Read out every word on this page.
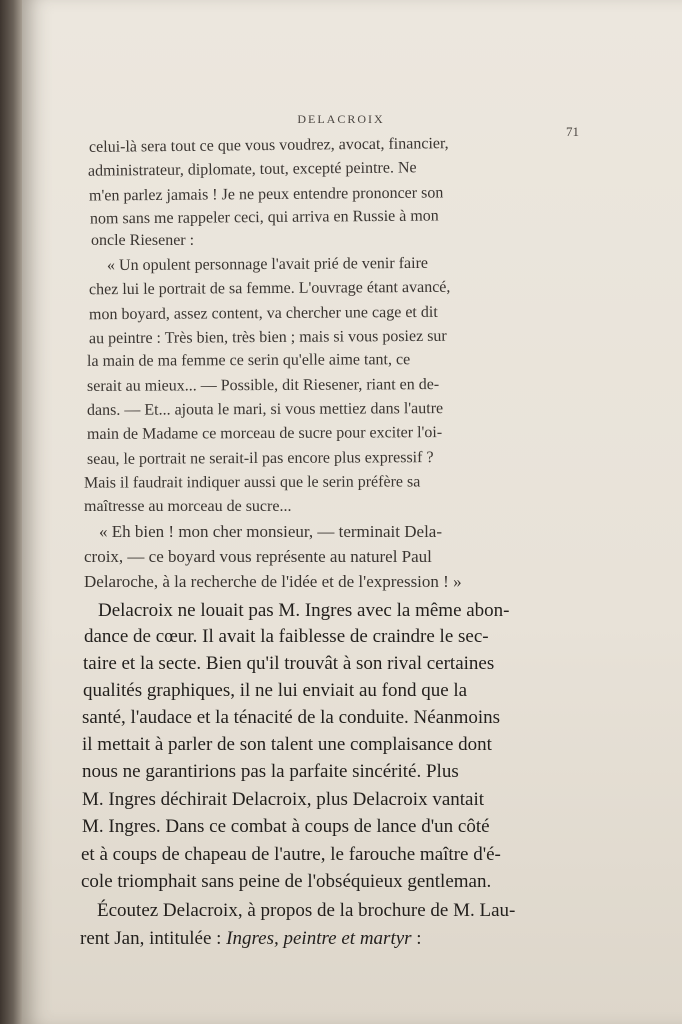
DELACROIX
71
celui-là sera tout ce que vous voudrez, avocat, financier,
administrateur, diplomate, tout, excepté peintre. Ne
m'en parlez jamais ! Je ne peux entendre prononcer son
nom sans me rappeler ceci, qui arriva en Russie à mon
oncle Riesener :
« Un opulent personnage l'avait prié de venir faire
chez lui le portrait de sa femme. L'ouvrage étant avancé,
mon boyard, assez content, va chercher une cage et dit
au peintre : Très bien, très bien ; mais si vous posiez sur
la main de ma femme ce serin qu'elle aime tant, ce
serait au mieux... — Possible, dit Riesener, riant en de-
dans. — Et... ajouta le mari, si vous mettiez dans l'autre
main de Madame ce morceau de sucre pour exciter l'oi-
seau, le portrait ne serait-il pas encore plus expressif ?
Mais il faudrait indiquer aussi que le serin préfère sa
maîtresse au morceau de sucre...
« Eh bien ! mon cher monsieur, — terminait Dela-
croix, — ce boyard vous représente au naturel Paul
Delaroche, à la recherche de l'idée et de l'expression ! »
Delacroix ne louait pas M. Ingres avec la même abon-
dance de cœur. Il avait la faiblesse de craindre le sec-
taire et la secte. Bien qu'il trouvât à son rival certaines
qualités graphiques, il ne lui enviait au fond que la
santé, l'audace et la ténacité de la conduite. Néanmoins
il mettait à parler de son talent une complaisance dont
nous ne garantirions pas la parfaite sincérité. Plus
M. Ingres déchirait Delacroix, plus Delacroix vantait
M. Ingres. Dans ce combat à coups de lance d'un côté
et à coups de chapeau de l'autre, le farouche maître d'é-
cole triomphait sans peine de l'obséquieux gentleman.
Écoutez Delacroix, à propos de la brochure de M. Lau-
rent Jan, intitulée : Ingres, peintre et martyr :
